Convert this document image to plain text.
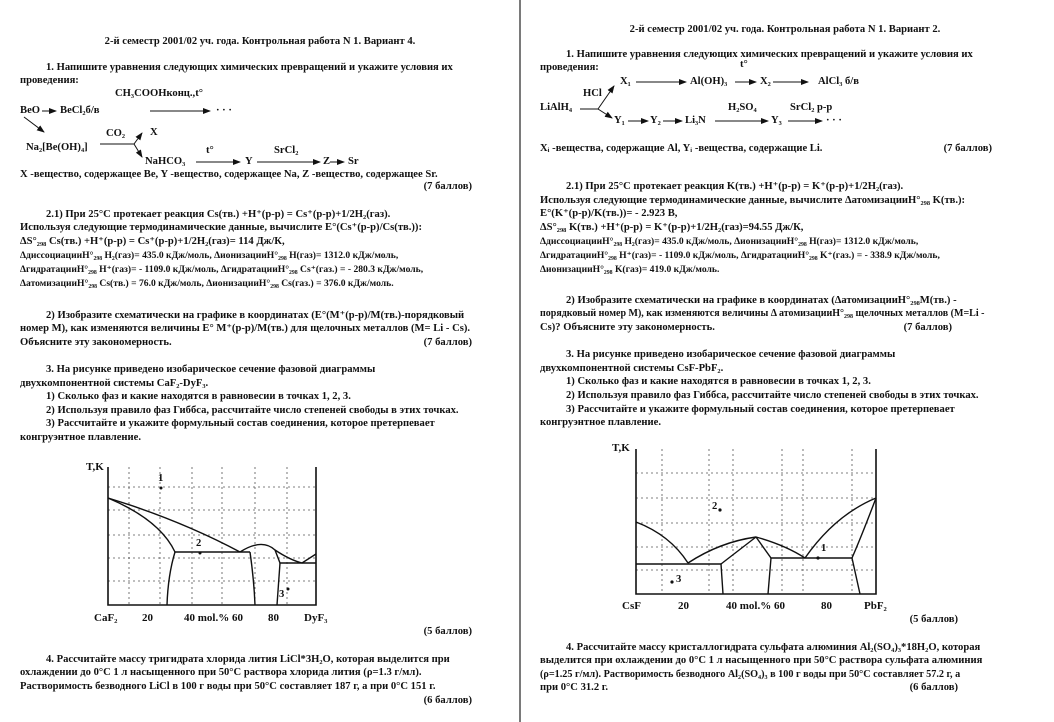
2-й семестр 2001/02 уч. года. Контрольная работа N 1. Вариант 4.
1. Напишите уравнения следующих химических превращений и укажите условия их
проведения:
CH₃COOHконц.,t°
BeO BeCl₂б/в	· · ·
CO₂ X
Na₂[Be(OH)₄]
NaHCO₃
t°
Y
SrCl₂
Z Sr
X -вещество, содержащее Be, Y -вещество, содержащее Na, Z -вещество, содержащее Sr.
(7 баллов)
2.1) При 25°C протекает реакция Cs(тв.) +H⁺(р-р) = Cs⁺(р-р)+1/2H₂(газ).
Используя следующие термодинамические данные, вычислите E°(Cs⁺(р-р)/Cs(тв.)):
ΔS°₂₉₈ Cs(тв.) +H⁺(р-р) = Cs⁺(р-р)+1/2H₂(газ)= 114 Дж/К,
ΔдиссоциацииH°₂₉₈ H₂(газ)= 435.0 кДж/моль, ΔионизацииH°₂₉₈ H(газ)= 1312.0 кДж/моль,
ΔгидратацииH°₂₉₈ H⁺(газ)= - 1109.0 кДж/моль, ΔгидратацииH°₂₉₈ Cs⁺(газ.) = - 280.3 кДж/моль,
ΔатомизацииH°₂₉₈ Cs(тв.) = 76.0 кДж/моль, ΔионизацииH°₂₉₈ Cs(газ.) = 376.0 кДж/моль.
2) Изобразите схематически на графике в координатах (E°(M⁺(р-р)/M(тв.)-порядковый
номер M), как изменяются величины E° M⁺(р-р)/M(тв.) для щелочных металлов (M= Li - Cs).
Объясните эту закономерность.	(7 баллов)
3. На рисунке приведено изобарическое сечение фазовой диаграммы
двухкомпонентной системы CaF₂-DyF₃.
1) Сколько фаз и какие находятся в равновесии в точках 1, 2, 3.
2) Используя правило фаз Гиббса, рассчитайте число степеней свободы в этих точках.
3) Рассчитайте и укажите формульный состав соединения, которое претерпевает
конгруэнтное плавление.
T,K
CaF₂ 20	40 mol.% 60 80 DyF₃
1
2
3
(5 баллов)
4. Рассчитайте массу тригидрата хлорида лития LiCl*3H₂O, которая выделится при
охлаждении до 0°C 1 л насыщенного при 50°C раствора хлорида лития (ρ=1.3 г/мл).
Растворимость безводного LiCl в 100 г воды при 50°C составляет 187 г, а при 0°C 151 г.
(6 баллов)
2-й семестр 2001/02 уч. года. Контрольная работа N 1. Вариант 2.
1. Напишите уравнения следующих химических превращений и укажите условия их
проведения:	t°
X₁	Al(OH)₃	X₂	AlCl₃ б/в
HCl
LiAlH₄
Y₁ Y₂ Li₃N
H₂SO₄
Y₃
SrCl₂ р-р
· · ·
Xᵢ -вещества, содержащие Al, Yᵢ -вещества, содержащие Li.	(7 баллов)
2.1) При 25°C протекает реакция K(тв.) +H⁺(р-р) = K⁺(р-р)+1/2H₂(газ).
Используя следующие термодинамические данные, вычислите ΔатомизацииH°₂₉₈ K(тв.):
E°(K⁺(р-р)/K(тв.))= - 2.923 В,
ΔS°₂₉₈ K(тв.) +H⁺(р-р) = K⁺(р-р)+1/2H₂(газ)=94.55 Дж/К,
ΔдиссоциацииH°₂₉₈ H₂(газ)= 435.0 кДж/моль, ΔионизацииH°₂₉₈ H(газ)= 1312.0 кДж/моль,
ΔгидратацииH°₂₉₈ H⁺(газ)= - 1109.0 кДж/моль, ΔгидратацииH°₂₉₈ K⁺(газ.) = - 338.9 кДж/моль,
ΔионизацииH°₂₉₈ K(газ)= 419.0 кДж/моль.
2) Изобразите схематически на графике в координатах (ΔатомизацииH°₂₉₈M(тв.) -
порядковый номер M), как изменяются величины Δ атомизацииH°₂₉₈ щелочных металлов (M=Li -
Cs)? Объясните эту закономерность.	(7 баллов)
3. На рисунке приведено изобарическое сечение фазовой диаграммы
двухкомпонентной системы CsF-PbF₂.
1) Сколько фаз и какие находятся в равновесии в точках 1, 2, 3.
2) Используя правило фаз Гиббса, рассчитайте число степеней свободы в этих точках.
3) Рассчитайте и укажите формульный состав соединения, которое претерпевает
конгруэнтное плавление.
T,K
CsF	20	40 mol.% 60	80	PbF₂
1
2
3
(5 баллов)
4. Рассчитайте массу кристаллогидрата сульфата алюминия Al₂(SO₄)₃*18H₂O, которая
выделится при охлаждении до 0°C 1 л насыщенного при 50°C раствора сульфата алюминия
(ρ=1.25 г/мл). Растворимость безводного Al₂(SO₄)₃ в 100 г воды при 50°C составляет 57.2 г, а
при 0°C 31.2 г.	(6 баллов)
